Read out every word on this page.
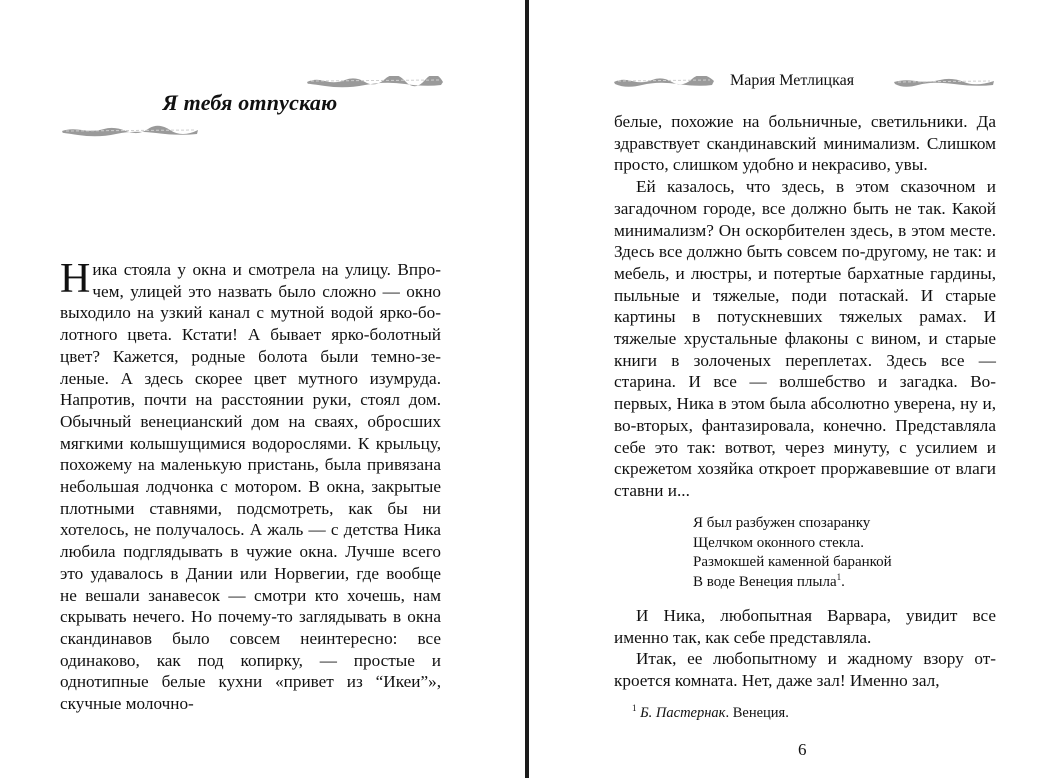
Я тебя отпускаю

Ника стояла у окна и смотрела на улицу. Впрочем, улицей это назвать было сложно — окно выходило на узкий канал с мутной водой ярко-болотного цвета. Кстати! А бывает ярко-болотный цвет? Кажется, родные болота были темно-зеленые. А здесь скорее цвет мутного изумруда. Напротив, почти на расстоянии руки, стоял дом. Обычный венецианский дом на сваях, обросших мягкими колышущимися водорослями. К крыльцу, похожему на маленькую пристань, была привязана небольшая лодчонка с мотором. В окна, закрытые плотными ставнями, подсмотреть, как бы ни хотелось, не получалось. А жаль — с детства Ника любила подглядывать в чужие окна. Лучше всего это удавалось в Дании или Норвегии, где вообще не вешали занавесок — смотри кто хочешь, нам скрывать нечего. Но почему-то заглядывать в окна скандинавов было совсем неинтересно: все одинаково, как под копирку, — простые и однотипные белые кухни «привет из “Икеи”», скучные молочно-

Мария Метлицкая

белые, похожие на больничные, светильники. Да здравствует скандинавский минимализм. Слишком просто, слишком удобно и некрасиво, увы.

Ей казалось, что здесь, в этом сказочном и загадочном городе, все должно быть не так. Какой минимализм? Он оскорбителен здесь, в этом месте. Здесь все должно быть совсем по-другому, не так: и мебель, и люстры, и потертые бархатные гардины, пыльные и тяжелые, поди потаскай. И старые картины в потускневших тяжелых рамах. И тяжелые хрустальные флаконы с вином, и старые книги в золоченых переплетах. Здесь все — старина. И все — волшебство и загадка. Во-первых, Ника в этом была абсолютно уверена, ну и, во-вторых, фантазировала, конечно. Представляла себе это так: вотвот, через минуту, с усилием и скрежетом хозяйка откроет проржавевшие от влаги ставни и...

Я был разбужен спозаранку
Щелчком оконного стекла.
Размокшей каменной баранкой
В воде Венеция плыла$^1$.

И Ника, любопытная Варвара, увидит все именно так, как себе представляла.

Итак, ее любопытному и жадному взору откроется комната. Нет, даже зал! Именно зал,

$^1$ Б. Пастернак. Венеция.

6
